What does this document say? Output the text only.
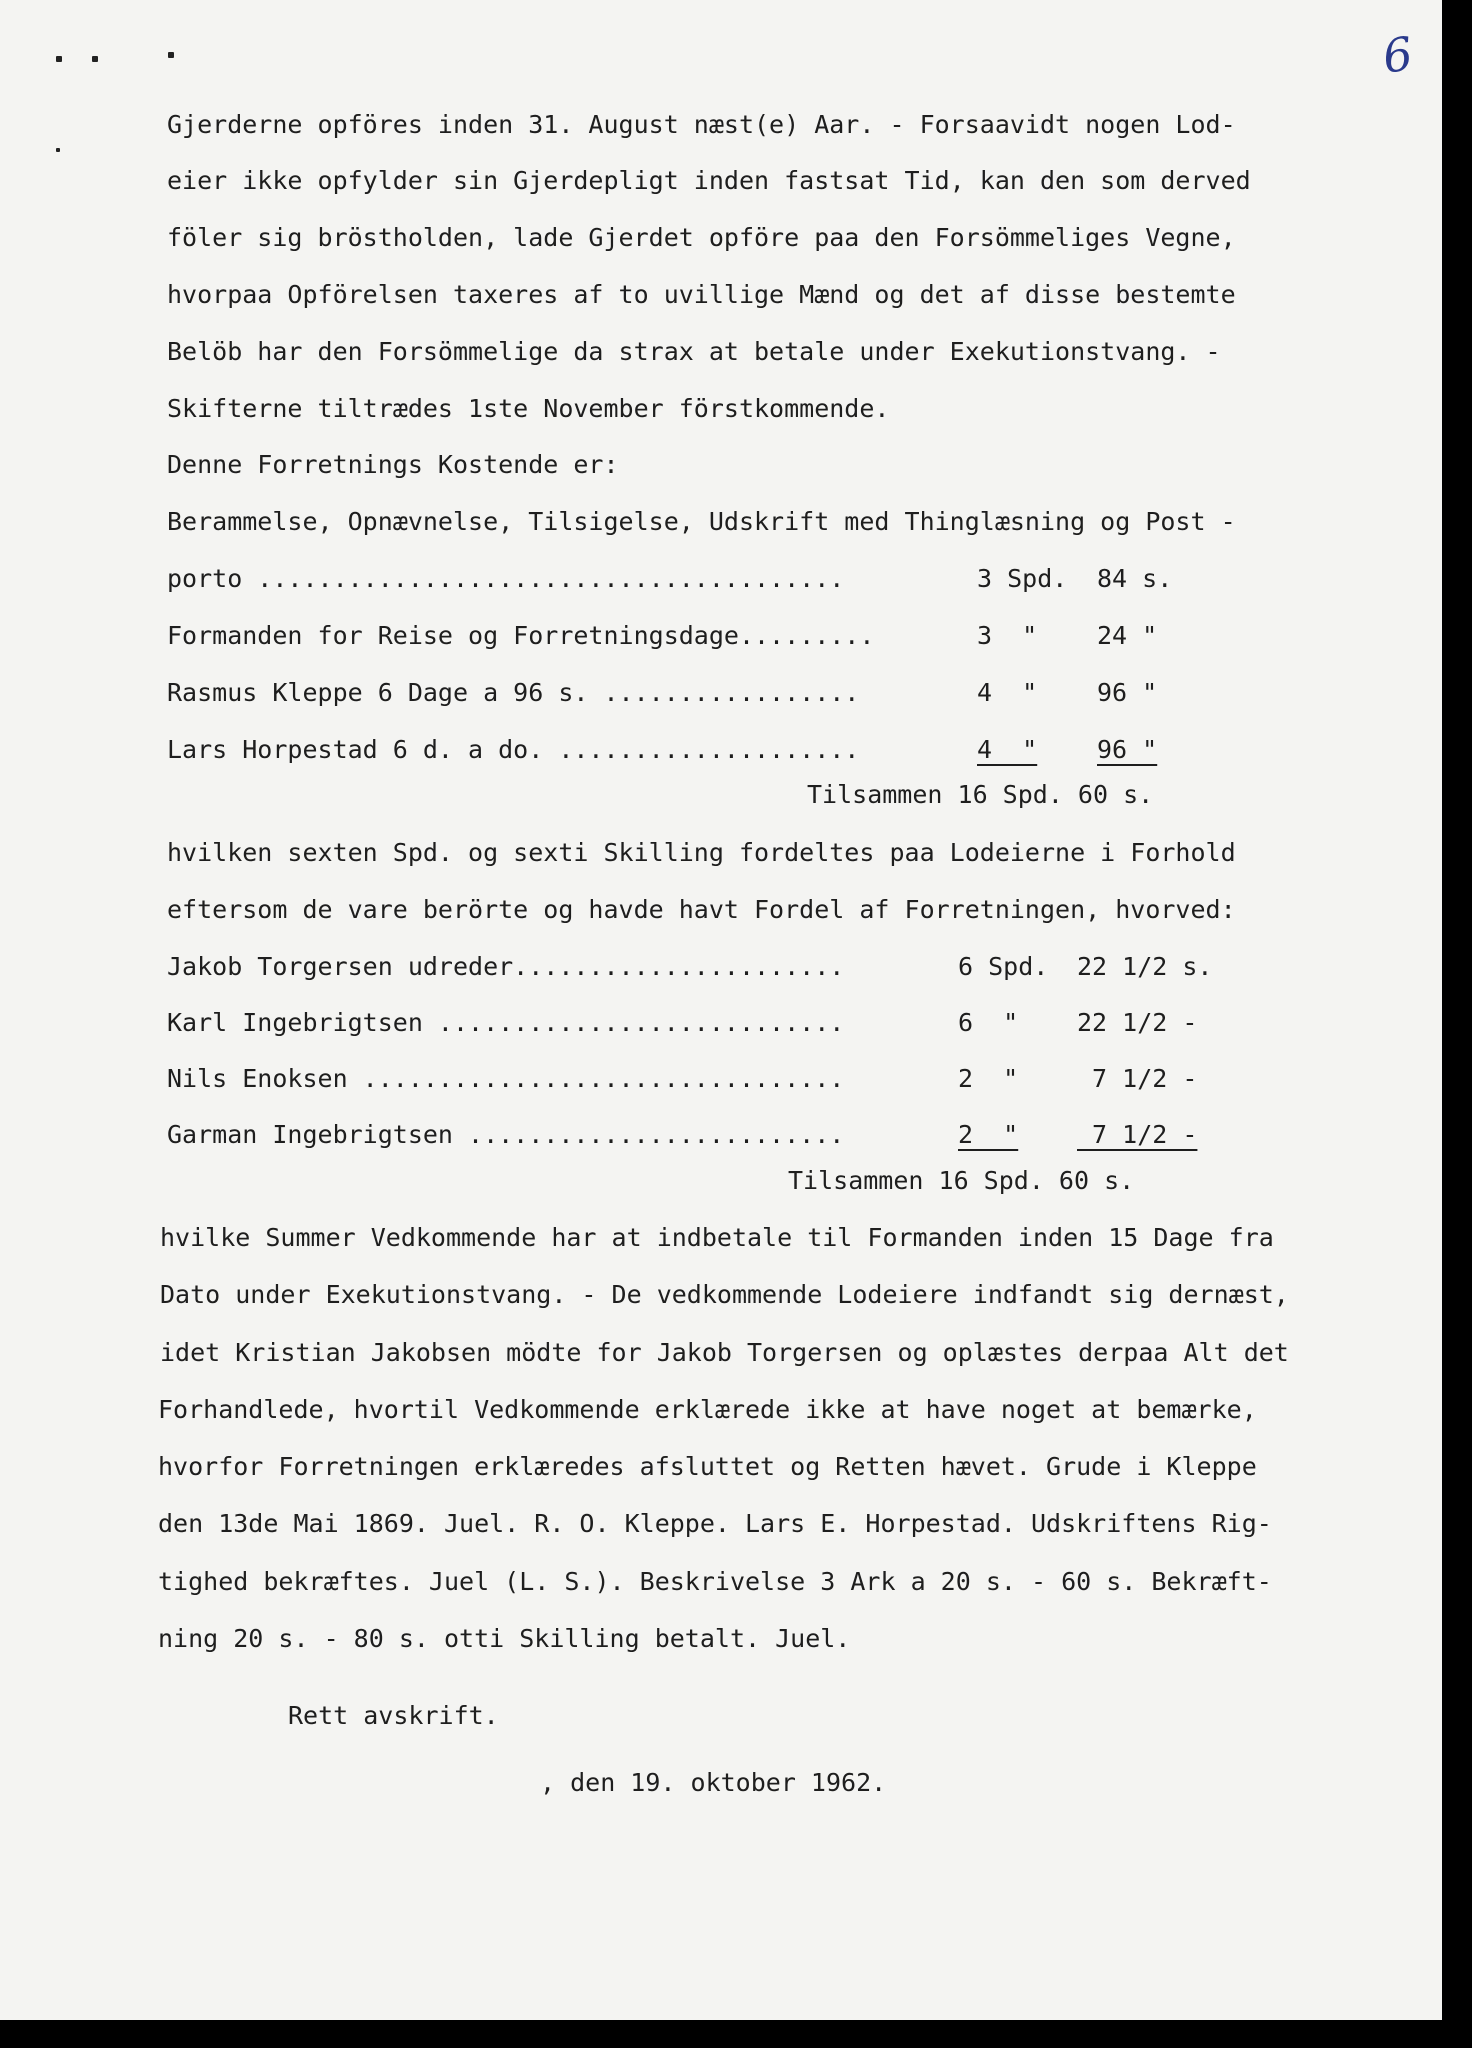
6
Gjerderne opföres inden 31. August næst(e) Aar. - Forsaavidt nogen Lod-
eier ikke opfylder sin Gjerdepligt inden fastsat Tid, kan den som derved
föler sig bröstholden, lade Gjerdet opföre paa den Forsömmeliges Vegne,
hvorpaa Opförelsen taxeres af to uvillige Mænd og det af disse bestemte
Belöb har den Forsömmelige da strax at betale under Exekutionstvang. -
Skifterne tiltrædes 1ste November förstkommende.
Denne Forretnings Kostende er:
Berammelse, Opnævnelse, Tilsigelse, Udskrift med Thinglæsning og Post -
porto .......................................	3 Spd. 84 s.
Formanden for Reise og Forretningsdage.........	3  " 24 "
Rasmus Kleppe 6 Dage a 96 s. .................	4  " 96 "
Lars Horpestad 6 d. a do. ....................	4  " 96 "
Tilsammen 16 Spd. 60 s.
hvilken sexten Spd. og sexti Skilling fordeltes paa Lodeierne i Forhold
eftersom de vare berörte og havde havt Fordel af Forretningen, hvorved:
Jakob Torgersen udreder......................	6 Spd. 22 1/2 s.
Karl Ingebrigtsen ...........................	6  " 22 1/2 -
Nils Enoksen ................................	2  " 7 1/2 -
Garman Ingebrigtsen .........................	2  " 7 1/2 -
Tilsammen 16 Spd. 60 s.
hvilke Summer Vedkommende har at indbetale til Formanden inden 15 Dage fra
Dato under Exekutionstvang. - De vedkommende Lodeiere indfandt sig dernæst,
idet Kristian Jakobsen mödte for Jakob Torgersen og oplæstes derpaa Alt det
Forhandlede, hvortil Vedkommende erklærede ikke at have noget at bemærke,
hvorfor Forretningen erklæredes afsluttet og Retten hævet. Grude i Kleppe
den 13de Mai 1869. Juel. R. O. Kleppe. Lars E. Horpestad. Udskriftens Rig-
tighed bekræftes. Juel (L. S.). Beskrivelse 3 Ark a 20 s. - 60 s. Bekræft-
ning 20 s. - 80 s. otti Skilling betalt. Juel.
Rett avskrift.
, den 19. oktober 1962.
